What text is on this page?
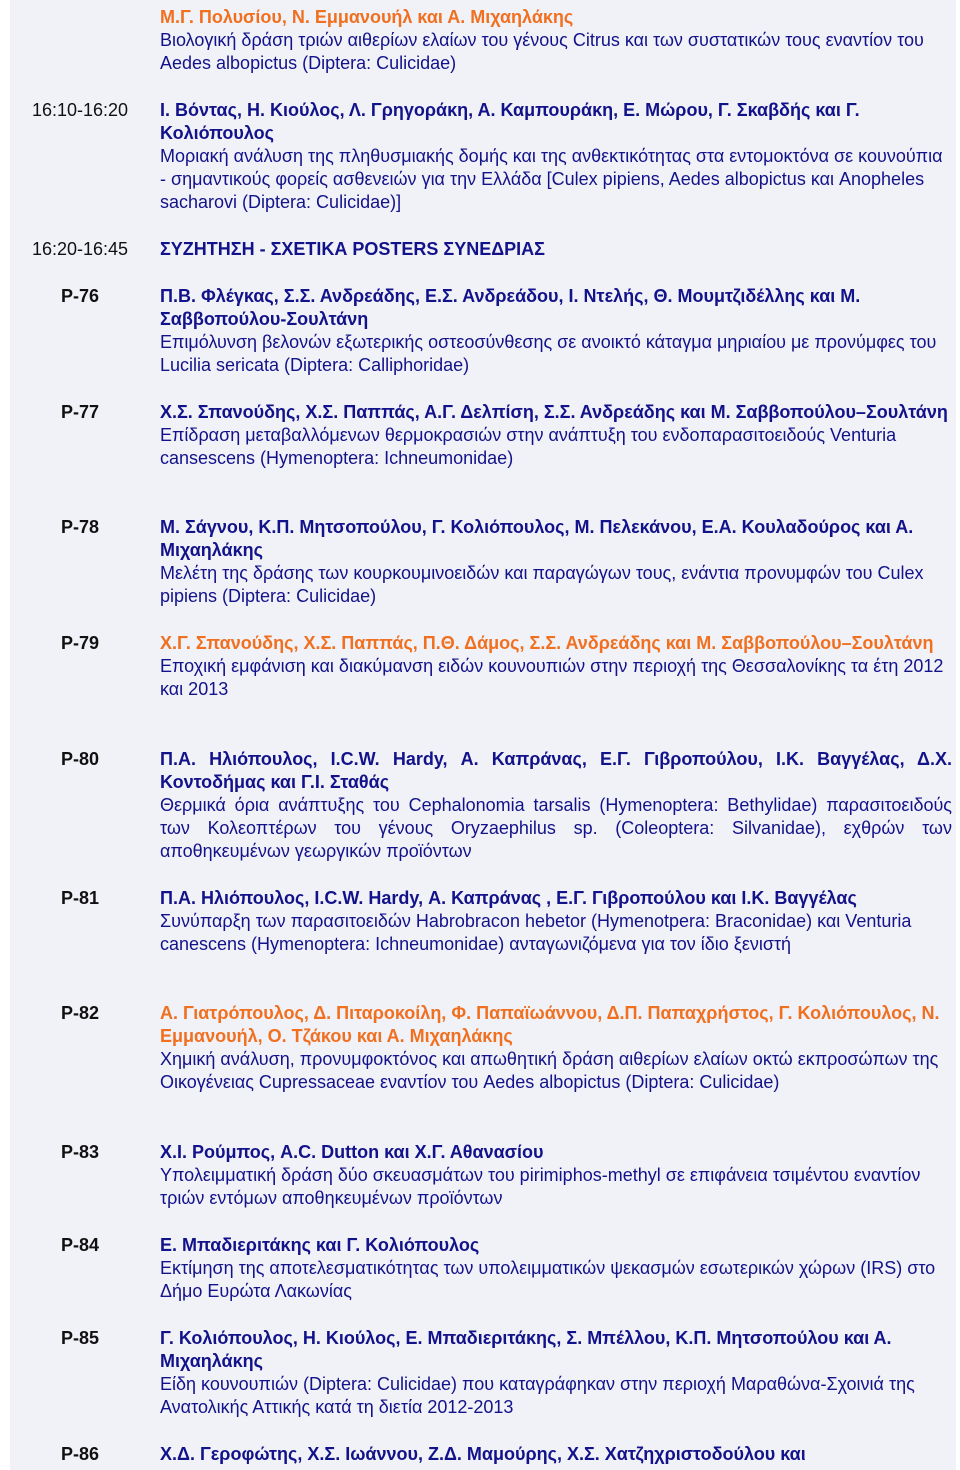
Μ.Γ. Πολυσίου, Ν. Εμμανουήλ και Α. Μιχαηλάκης
Βιολογική δράση τριών αιθερίων ελαίων του γένους Citrus και των συστατικών τους εναντίον του Aedes albopictus (Diptera: Culicidae)
16:10-16:20	Ι. Βόντας, Η. Κιούλος, Λ. Γρηγοράκη, Α. Καμπουράκη, Ε. Μώρου, Γ. Σκαβδής και Γ. Κολιόπουλος
Μοριακή ανάλυση της πληθυσμιακής δομής και της ανθεκτικότητας στα εντομοκτόνα σε κουνούπια - σημαντικούς φορείς ασθενειών για την Ελλάδα [Culex pipiens, Aedes albopictus και Anopheles sacharovi (Diptera: Culicidae)]
16:20-16:45	ΣΥΖΗΤΗΣΗ - ΣΧΕΤΙΚΑ POSTERS ΣΥΝΕΔΡΙΑΣ
P-76	Π.Β. Φλέγκας, Σ.Σ. Ανδρεάδης, Ε.Σ. Ανδρεάδου, Ι. Ντελής, Θ. Μουμτζιδέλλης και Μ. Σαββοπούλου-Σουλτάνη
Επιμόλυνση βελονών εξωτερικής οστεοσύνθεσης σε ανοικτό κάταγμα μηριαίου με προνύμφες του Lucilia sericata (Diptera: Calliphoridae)
P-77	Χ.Σ. Σπανούδης, Χ.Σ. Παππάς, Α.Γ. Δελπίση, Σ.Σ. Ανδρεάδης και Μ. Σαββοπούλου–Σουλτάνη
Επίδραση μεταβαλλόμενων θερμοκρασιών στην ανάπτυξη του ενδοπαρασιτοειδούς Venturia cansescens (Hymenoptera: Ichneumonidae)
P-78	Μ. Σάγνου, Κ.Π. Μητσοπούλου, Γ. Κολιόπουλος, Μ. Πελεκάνου, Ε.Α. Κουλαδούρος και Α. Μιχαηλάκης
Μελέτη της δράσης των κουρκουμινοειδών και παραγώγων τους, ενάντια προνυμφών του Culex pipiens (Diptera: Culicidae)
P-79	Χ.Γ. Σπανούδης, Χ.Σ. Παππάς, Π.Θ. Δάμος, Σ.Σ. Ανδρεάδης και Μ. Σαββοπούλου–Σουλτάνη
Εποχική εμφάνιση και διακύμανση ειδών κουνουπιών στην περιοχή της Θεσσαλονίκης τα έτη 2012 και 2013
P-80	Π.Α. Ηλιόπουλος, I.C.W. Hardy, Α. Καπράνας, Ε.Γ. Γιβροπούλου, Ι.Κ. Βαγγέλας, Δ.Χ. Κοντοδήμας και Γ.Ι. Σταθάς
Θερμικά όρια ανάπτυξης του Cephalonomia tarsalis (Hymenoptera: Bethylidae) παρασιτοειδούς των Κολεοπτέρων του γένους Oryzaephilus sp. (Coleoptera: Silvanidae), εχθρών των αποθηκευμένων γεωργικών προϊόντων
P-81	Π.Α. Ηλιόπουλος, I.C.W. Hardy, Α. Καπράνας , Ε.Γ. Γιβροπούλου και Ι.Κ. Βαγγέλας
Συνύπαρξη των παρασιτοειδών Habrobracon hebetor (Hymenotpera: Braconidae) και Venturia canescens (Hymenoptera: Ichneumonidae) ανταγωνιζόμενα για τον ίδιο ξενιστή
P-82	Α. Γιατρόπουλος, Δ. Πιταροκοίλη, Φ. Παπαϊωάννου, Δ.Π. Παπαχρήστος, Γ. Κολιόπουλος, Ν. Εμμανουήλ, Ο. Τζάκου και Α. Μιχαηλάκης
Χημική ανάλυση, προνυμφοκτόνος και απωθητική δράση αιθερίων ελαίων οκτώ εκπροσώπων της Οικογένειας Cupressaceae εναντίον του Aedes albopictus (Diptera: Culicidae)
P-83	Χ.Ι. Ρούμπος, A.C. Dutton και Χ.Γ. Αθανασίου
Υπολειμματική δράση δύο σκευασμάτων του pirimiphos-methyl σε επιφάνεια τσιμέντου εναντίον τριών εντόμων αποθηκευμένων προϊόντων
P-84	Ε. Μπαδιεριτάκης και Γ. Κολιόπουλος
Εκτίμηση της αποτελεσματικότητας των υπολειμματικών ψεκασμών εσωτερικών χώρων (IRS) στο Δήμο Ευρώτα Λακωνίας
P-85	Γ. Κολιόπουλος, Η. Κιούλος, Ε. Μπαδιεριτάκης, Σ. Μπέλλου, Κ.Π. Μητσοπούλου και Α. Μιχαηλάκης
Είδη κουνουπιών (Diptera: Culicidae) που καταγράφηκαν στην περιοχή Μαραθώνα-Σχοινιά της Ανατολικής Αττικής κατά τη διετία 2012-2013
P-86	Χ.Δ. Γεροφώτης, Χ.Σ. Ιωάννου, Ζ.Δ. Μαμούρης, Χ.Σ. Χατζηχριστοδούλου και
